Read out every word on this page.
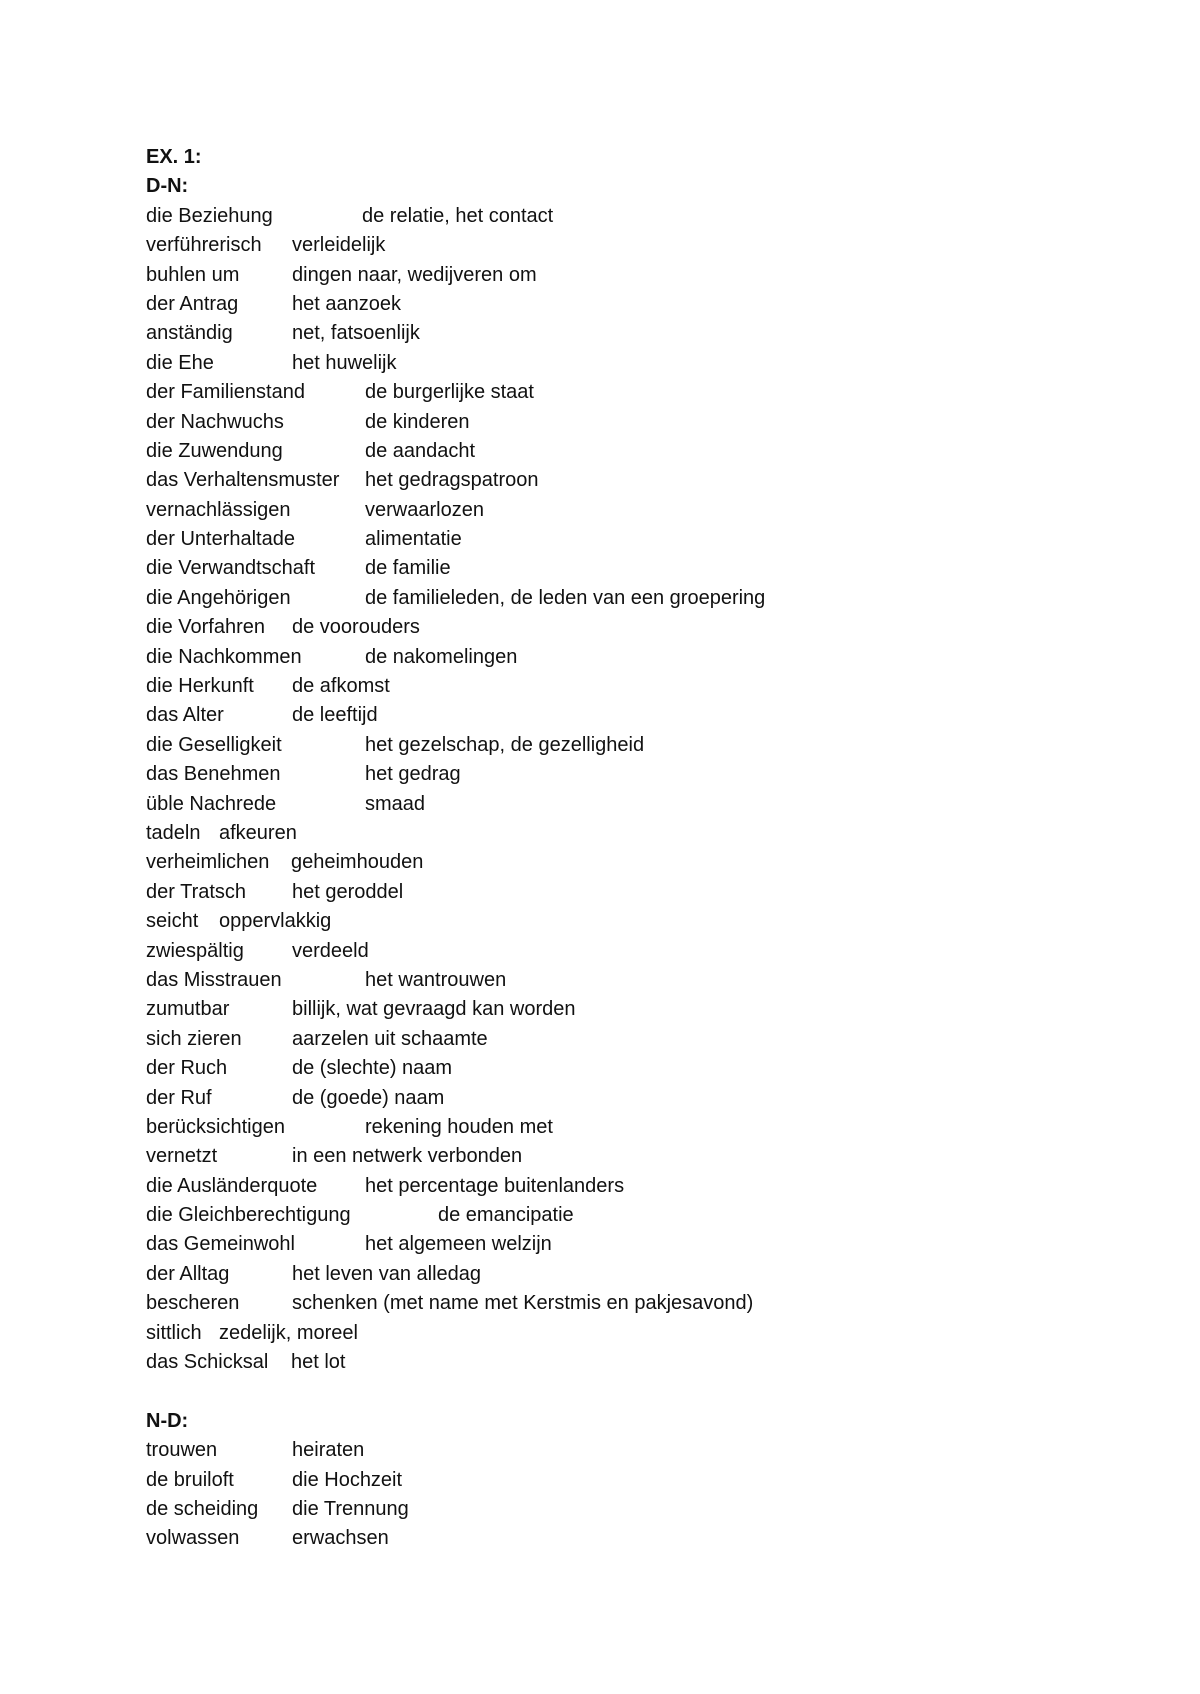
EX. 1:
D-N:
die Beziehung	de relatie, het contact
verführerisch verleidelijk
buhlen um	dingen naar, wedijveren om
der Antrag	het aanzoek
anständig	net, fatsoenlijk
die Ehe	het huwelijk
der Familienstand	de burgerlijke staat
der Nachwuchs	de kinderen
die Zuwendung	de aandacht
das Verhaltensmuster het gedragspatroon
vernachlässigen	verwaarlozen
der Unterhaltade	alimentatie
die Verwandtschaft	de familie
die Angehörigen	de familieleden, de leden van een groepering
die Vorfahren de voorouders
die Nachkommen	de nakomelingen
die Herkunft de afkomst
das Alter	de leeftijd
die Geselligkeit	het gezelschap, de gezelligheid
das Benehmen	het gedrag
üble Nachrede	smaad
tadeln afkeuren
verheimlichen geheimhouden
der Tratsch het geroddel
seicht oppervlakkig
zwiespältig verdeeld
das Misstrauen	het wantrouwen
zumutbar	billijk, wat gevraagd kan worden
sich zieren	aarzelen uit schaamte
der Ruch	de (slechte) naam
der Ruf	de (goede) naam
berücksichtigen	rekening houden met
vernetzt	in een netwerk verbonden
die Ausländerquote het percentage buitenlanders
die Gleichberechtigung	de emancipatie
das Gemeinwohl	het algemeen welzijn
der Alltag	het leven van alledag
bescheren	schenken (met name met Kerstmis en pakjesavond)
sittlich zedelijk, moreel
das Schicksal het lot
N-D:
trouwen	heiraten
de bruiloft	die Hochzeit
de scheiding die Trennung
volwassen	erwachsen
